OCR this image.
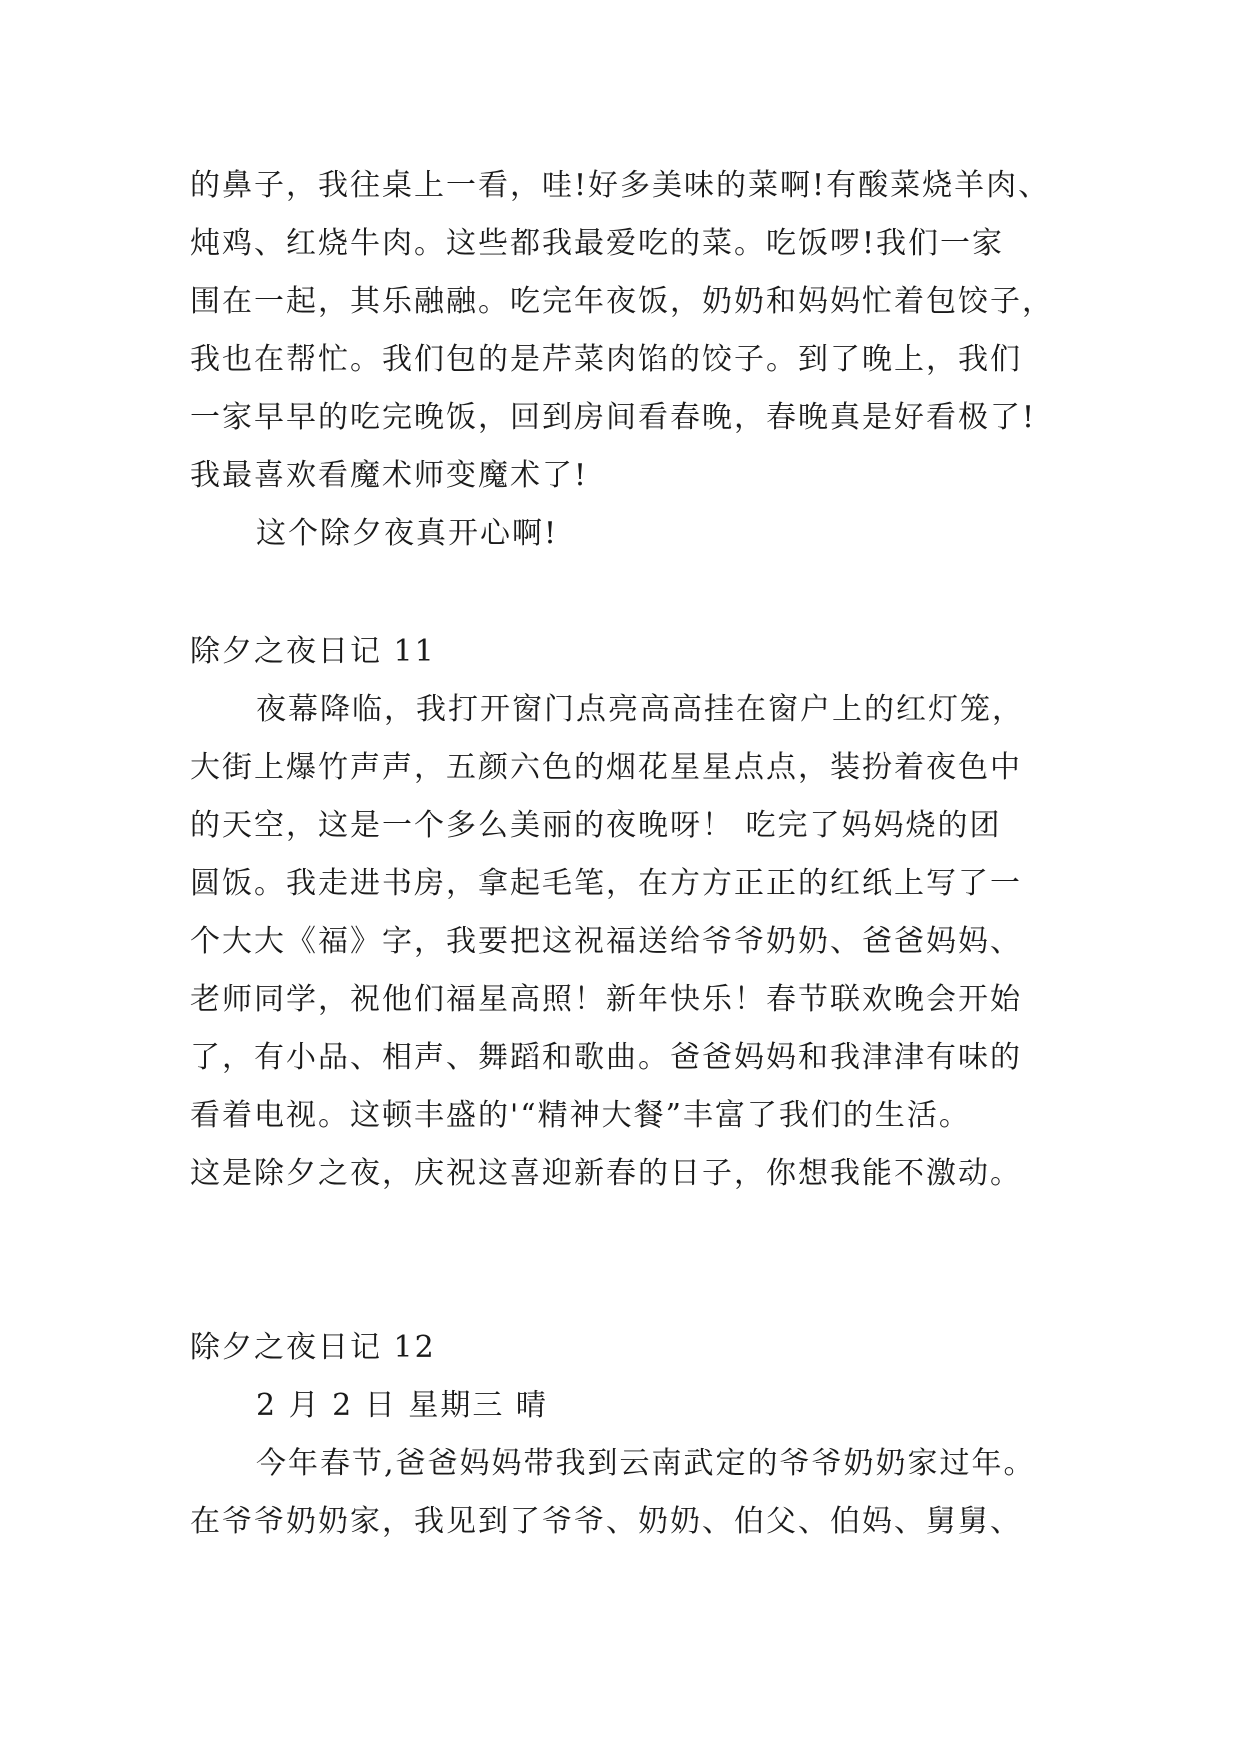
的鼻子，我往桌上一看，哇!好多美味的菜啊!有酸菜烧羊肉、
炖鸡、红烧牛肉。这些都我最爱吃的菜。吃饭啰!我们一家
围在一起，其乐融融。吃完年夜饭，奶奶和妈妈忙着包饺子，
我也在帮忙。我们包的是芹菜肉馅的饺子。到了晚上，我们
一家早早的吃完晚饭，回到房间看春晚，春晚真是好看极了!
我最喜欢看魔术师变魔术了!
这个除夕夜真开心啊!
除夕之夜日记 11
夜幕降临，我打开窗门点亮高高挂在窗户上的红灯笼，
大街上爆竹声声，五颜六色的烟花星星点点，装扮着夜色中
的天空，这是一个多么美丽的夜晚呀！ 吃完了妈妈烧的团
圆饭。我走进书房，拿起毛笔，在方方正正的红纸上写了一
个大大《福》字，我要把这祝福送给爷爷奶奶、爸爸妈妈、
老师同学，祝他们福星高照！新年快乐！春节联欢晚会开始
了，有小品、相声、舞蹈和歌曲。爸爸妈妈和我津津有味的
看着电视。这顿丰盛的'“精神大餐”丰富了我们的生活。
这是除夕之夜，庆祝这喜迎新春的日子，你想我能不激动。
除夕之夜日记 12
2 月 2 日 星期三 晴
今年春节,爸爸妈妈带我到云南武定的爷爷奶奶家过年。
在爷爷奶奶家，我见到了爷爷、奶奶、伯父、伯妈、舅舅、
